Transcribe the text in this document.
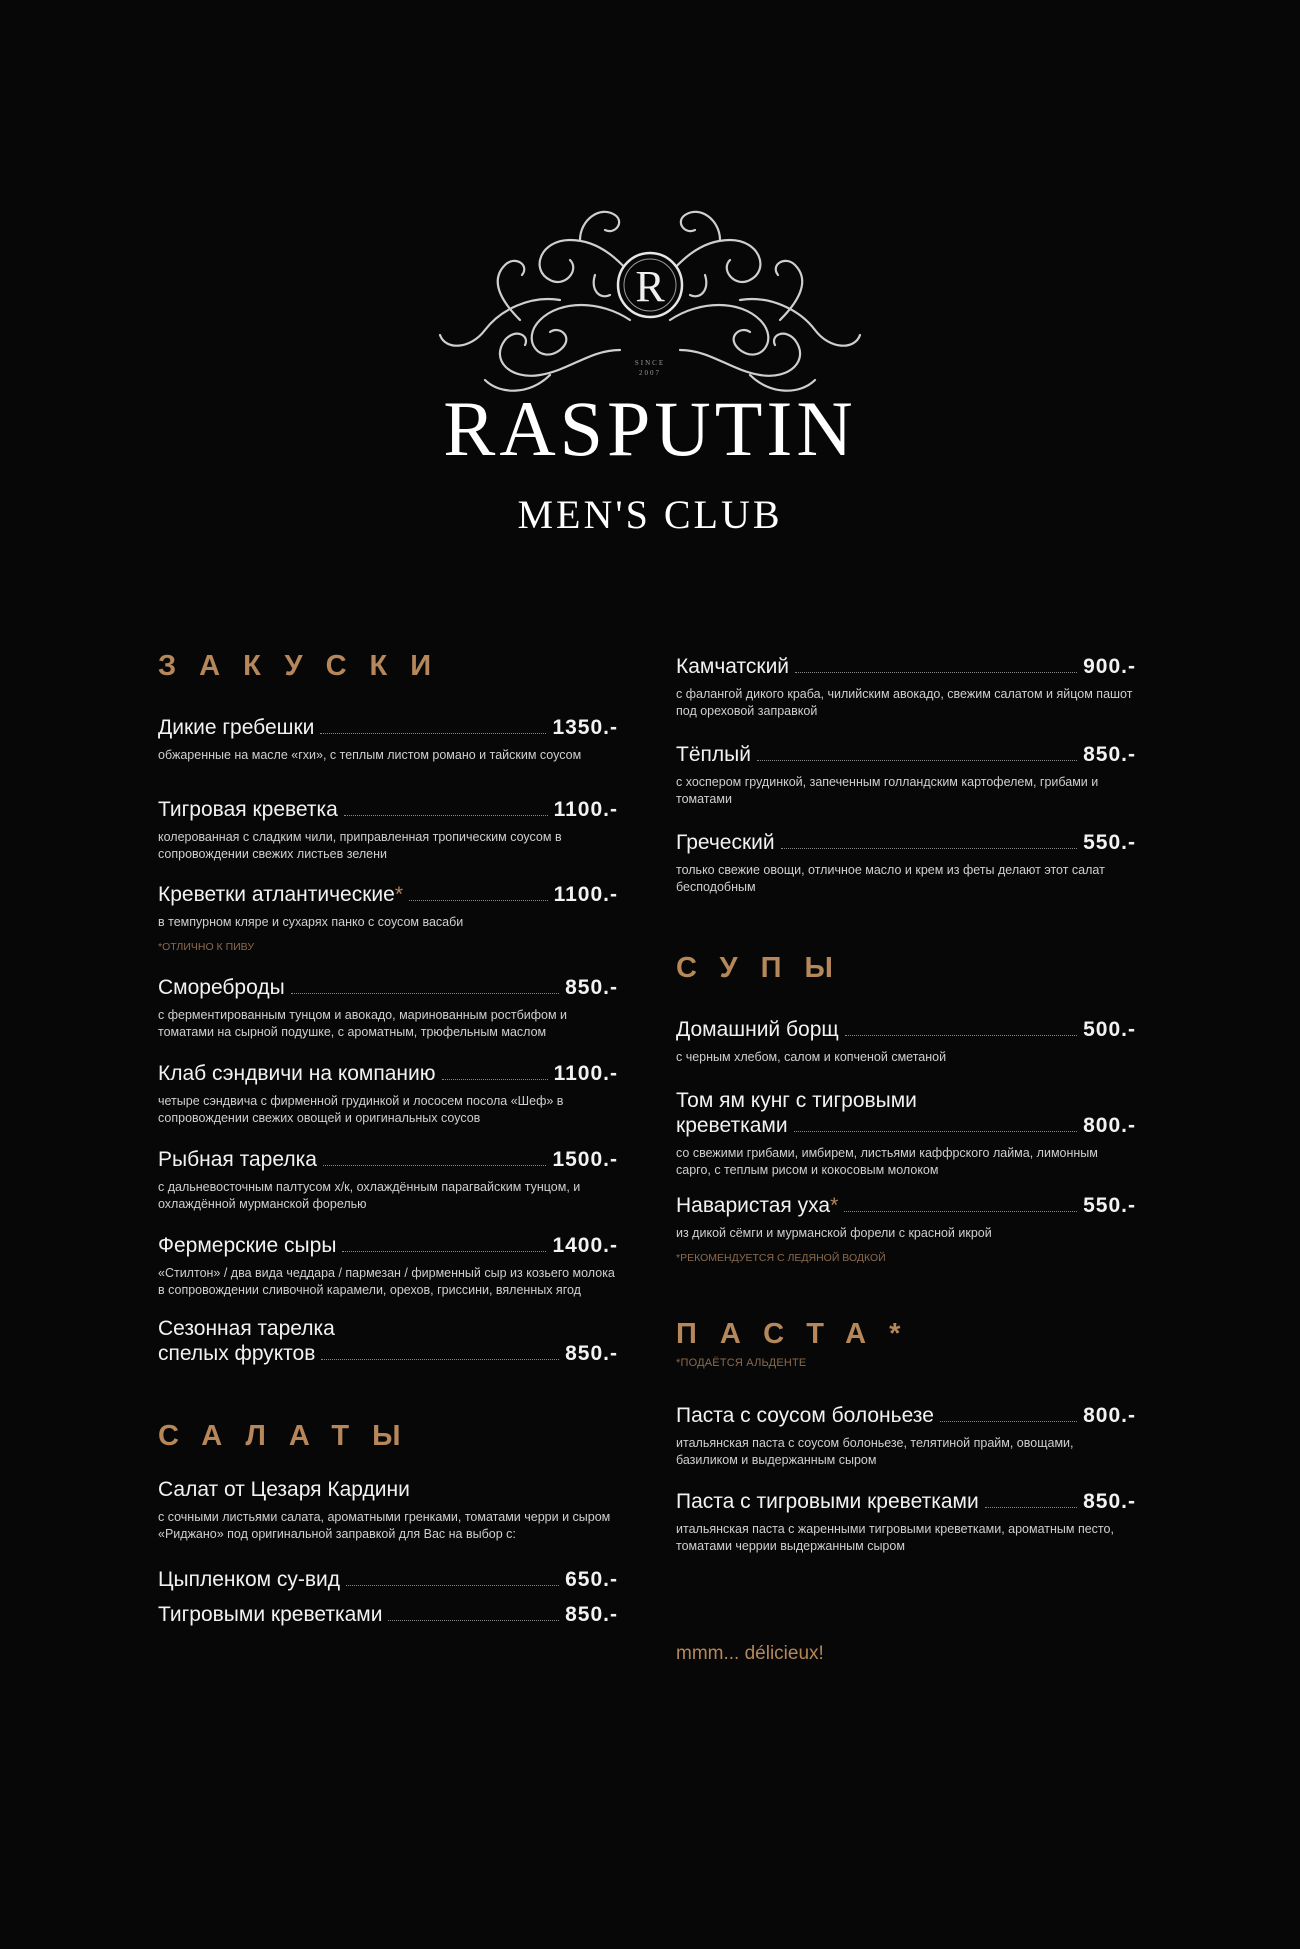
R
SINCE
2007
RASPUTIN
MEN'S CLUB
ЗАКУСКИ
Дикие гребешки	1350.-
обжаренные на масле «гхи», с теплым листом романо и тайским соусом
Тигровая креветка	1100.-
колерованная с сладким чили, приправленная тропическим соусом в сопровождении свежих листьев зелени
Креветки атлантические*	1100.-
в темпурном кляре и сухарях панко с соусом васаби
*ОТЛИЧНО К ПИВУ
Смореброды	850.-
с ферментированным тунцом и авокадо, маринованным ростбифом и томатами на сырной подушке, с ароматным, трюфельным маслом
Клаб сэндвичи на компанию	1100.-
четыре сэндвича с фирменной грудинкой и лососем посола «Шеф» в сопровождении свежих овощей и оригинальных соусов
Рыбная тарелка	1500.-
с дальневосточным палтусом х/к, охлаждённым парагвайским тунцом, и охлаждённой мурманской форелью
Фермерские сыры	1400.-
«Стилтон» / два вида чеддара / пармезан / фирменный сыр из козьего молока в сопровождении сливочной карамели, орехов, гриссини, вяленных ягод
Сезонная тарелка
спелых фруктов	850.-
САЛАТЫ
Салат от Цезаря Кардини
с сочными листьями салата, ароматными гренками, томатами черри и сыром «Риджано» под оригинальной заправкой для Вас на выбор с:
Цыпленком су-вид	650.-
Тигровыми креветками	850.-
Камчатский	900.-
с фалангой дикого краба, чилийским авокадо, свежим салатом и яйцом пашот под ореховой заправкой
Тёплый	850.-
с хоспером грудинкой, запеченным голландским картофелем, грибами и томатами
Греческий	550.-
только свежие овощи, отличное масло и крем из феты делают этот салат бесподобным
СУПЫ
Домашний борщ	500.-
с черным хлебом, салом и копченой сметаной
Том ям кунг с тигровыми
креветками	800.-
со свежими грибами, имбирем, листьями каффрского лайма, лимонным сарго, с теплым рисом и кокосовым молоком
Наваристая уха*	550.-
из дикой сёмги и мурманской форели с красной икрой
*РЕКОМЕНДУЕТСЯ С ЛЕДЯНОЙ ВОДКОЙ
ПАСТА*
*ПОДАЁТСЯ АЛЬДЕНТЕ
Паста с соусом болоньезе	800.-
итальянская паста с соусом болоньезе, телятиной прайм, овощами, базиликом и выдержанным сыром
Паста с тигровыми креветками	850.-
итальянская паста с жаренными тигровыми креветками, ароматным песто, томатами черрии выдержанным сыром
mmm... délicieux!
